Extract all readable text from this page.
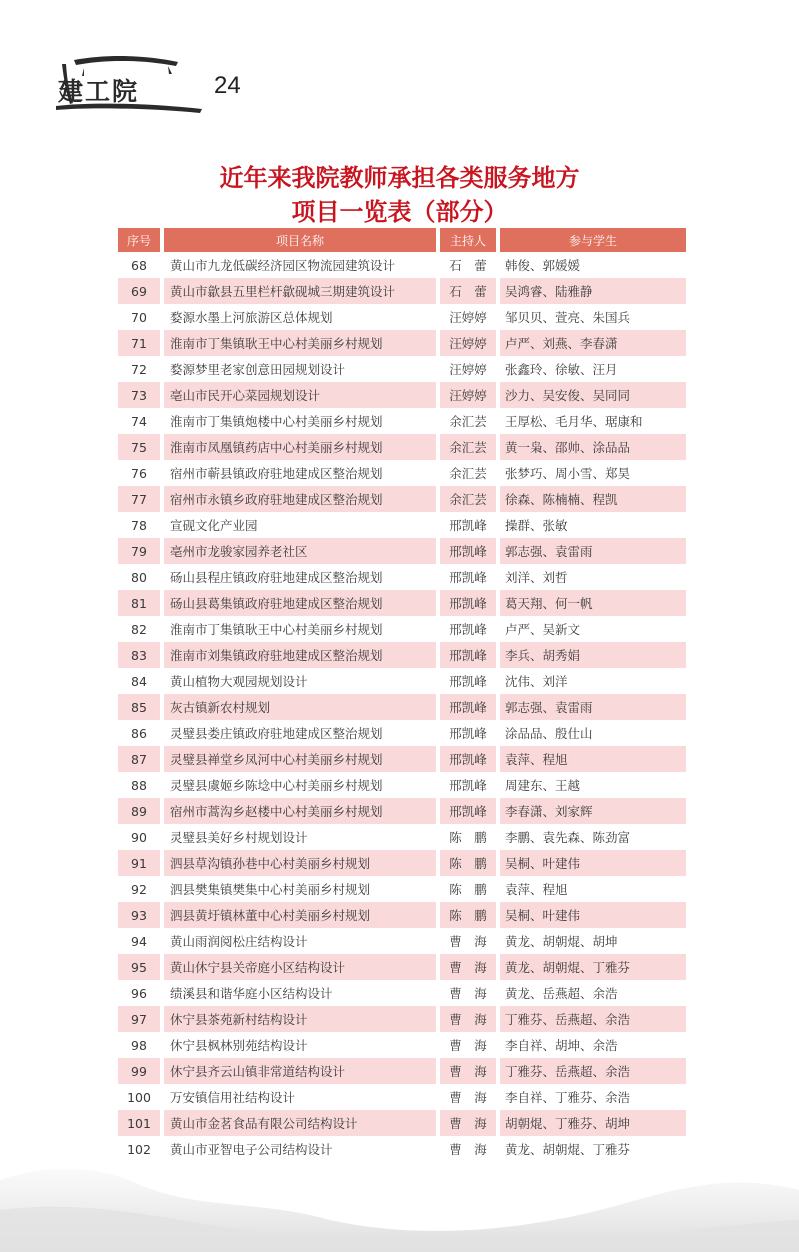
建工院	24
近年来我院教师承担各类服务地方
项目一览表（部分）
序号	项目名称	主持人	参与学生
68	黄山市九龙低碳经济园区物流园建筑设计	石　蕾	韩俊、郭媛媛
69	黄山市歙县五里栏杆歙砚城三期建筑设计	石　蕾	吴鸿睿、陆雅静
70	婺源水墨上河旅游区总体规划	汪婷婷	邹贝贝、萱亮、朱国兵
71	淮南市丁集镇耿王中心村美丽乡村规划	汪婷婷	卢严、刘燕、李春潇
72	婺源梦里老家创意田园规划设计	汪婷婷	张鑫玲、徐敏、汪月
73	亳山市民开心菜园规划设计	汪婷婷	沙力、吴安俊、吴同同
74	淮南市丁集镇炮楼中心村美丽乡村规划	余汇芸	王厚松、毛月华、琚康和
75	淮南市凤凰镇药店中心村美丽乡村规划	余汇芸	黄一枭、邵帅、涂品品
76	宿州市蕲县镇政府驻地建成区整治规划	余汇芸	张梦巧、周小雪、郑昊
77	宿州市永镇乡政府驻地建成区整治规划	余汇芸	徐森、陈楠楠、程凯
78	宣砚文化产业园	邢凯峰	操群、张敏
79	亳州市龙骏家园养老社区	邢凯峰	郭志强、袁雷雨
80	砀山县程庄镇政府驻地建成区整治规划	邢凯峰	刘洋、刘哲
81	砀山县葛集镇政府驻地建成区整治规划	邢凯峰	葛天翔、何一帆
82	淮南市丁集镇耿王中心村美丽乡村规划	邢凯峰	卢严、吴新文
83	淮南市刘集镇政府驻地建成区整治规划	邢凯峰	李兵、胡秀娟
84	黄山植物大观园规划设计	邢凯峰	沈伟、刘洋
85	灰古镇新农村规划	邢凯峰	郭志强、袁雷雨
86	灵璧县娄庄镇政府驻地建成区整治规划	邢凯峰	涂品品、殷仕山
87	灵璧县禅堂乡凤河中心村美丽乡村规划	邢凯峰	袁萍、程旭
88	灵璧县虞姬乡陈埝中心村美丽乡村规划	邢凯峰	周建东、王越
89	宿州市蒿沟乡赵楼中心村美丽乡村规划	邢凯峰	李春潇、刘家辉
90	灵璧县美好乡村规划设计	陈　鹏	李鹏、袁先森、陈劲富
91	泗县草沟镇孙巷中心村美丽乡村规划	陈　鹏	吴桐、叶建伟
92	泗县樊集镇樊集中心村美丽乡村规划	陈　鹏	袁萍、程旭
93	泗县黄圩镇林董中心村美丽乡村规划	陈　鹏	吴桐、叶建伟
94	黄山雨润阅松庄结构设计	曹　海	黄龙、胡朝焜、胡坤
95	黄山休宁县关帝庭小区结构设计	曹　海	黄龙、胡朝焜、丁雅芬
96	绩溪县和谐华庭小区结构设计	曹　海	黄龙、岳燕超、余浩
97	休宁县茶苑新村结构设计	曹　海	丁雅芬、岳燕超、余浩
98	休宁县枫林别苑结构设计	曹　海	李自祥、胡坤、余浩
99	休宁县齐云山镇非常道结构设计	曹　海	丁雅芬、岳燕超、余浩
100	万安镇信用社结构设计	曹　海	李自祥、丁雅芬、余浩
101	黄山市金茗食品有限公司结构设计	曹　海	胡朝焜、丁雅芬、胡坤
102	黄山市亚智电子公司结构设计	曹　海	黄龙、胡朝焜、丁雅芬
